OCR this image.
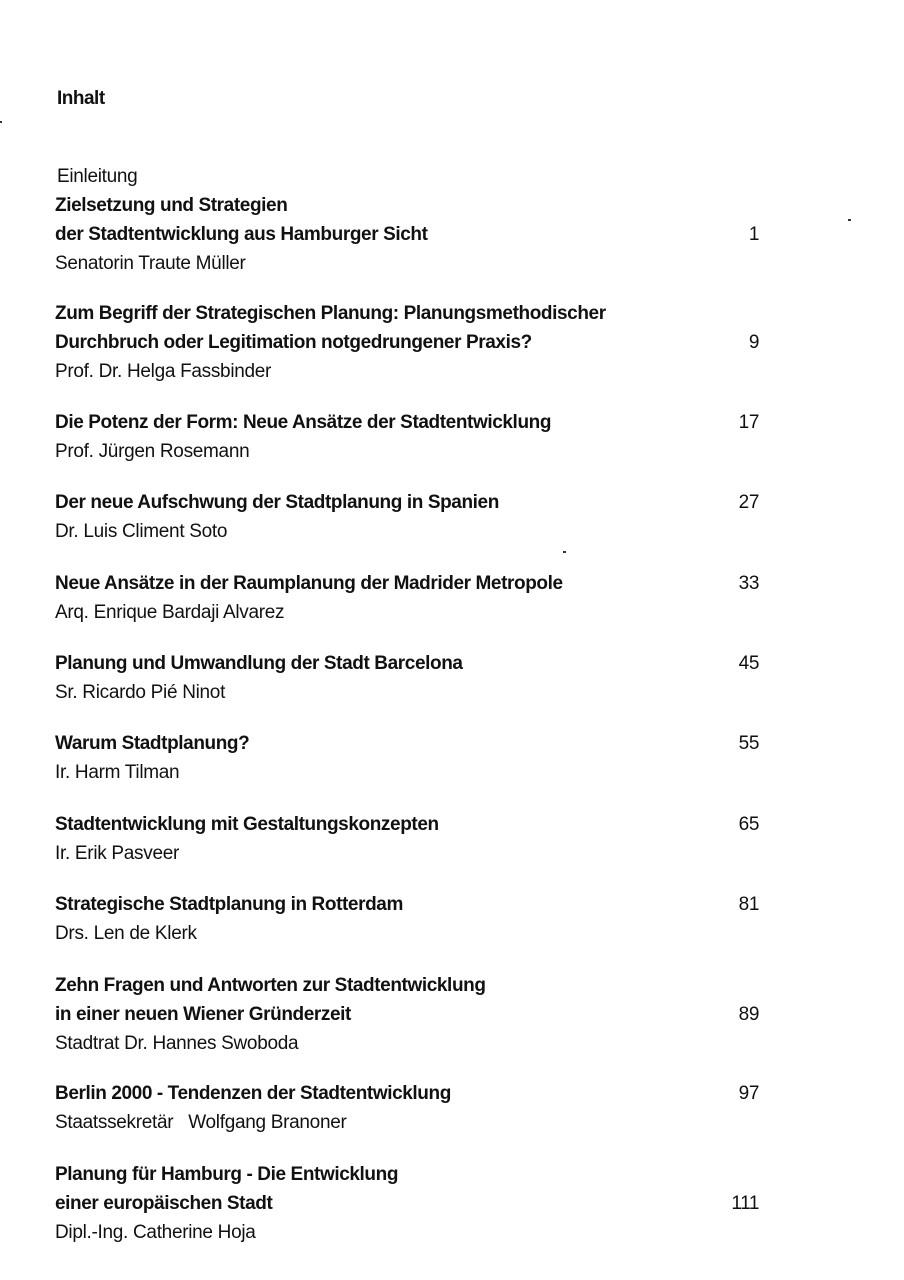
Inhalt
Einleitung
Zielsetzung und Strategien
der Stadtentwicklung aus Hamburger Sicht	1
Senatorin Traute Müller
Zum Begriff der Strategischen Planung: Planungsmethodischer
Durchbruch oder Legitimation notgedrungener Praxis?	9
Prof. Dr. Helga Fassbinder
Die Potenz der Form: Neue Ansätze der Stadtentwicklung	17
Prof. Jürgen Rosemann
Der neue Aufschwung der Stadtplanung in Spanien	27
Dr. Luis Climent Soto
Neue Ansätze in der Raumplanung der Madrider Metropole	33
Arq. Enrique Bardaji Alvarez
Planung und Umwandlung der Stadt Barcelona	45
Sr. Ricardo Pié Ninot
Warum Stadtplanung?	55
Ir. Harm Tilman
Stadtentwicklung mit Gestaltungskonzepten	65
Ir. Erik Pasveer
Strategische Stadtplanung in Rotterdam	81
Drs. Len de Klerk
Zehn Fragen und Antworten zur Stadtentwicklung
in einer neuen Wiener Gründerzeit	89
Stadtrat Dr. Hannes Swoboda
Berlin 2000 - Tendenzen der Stadtentwicklung	97
Staatssekretär   Wolfgang Branoner
Planung für Hamburg - Die Entwicklung
einer europäischen Stadt	111
Dipl.-Ing. Catherine Hoja
